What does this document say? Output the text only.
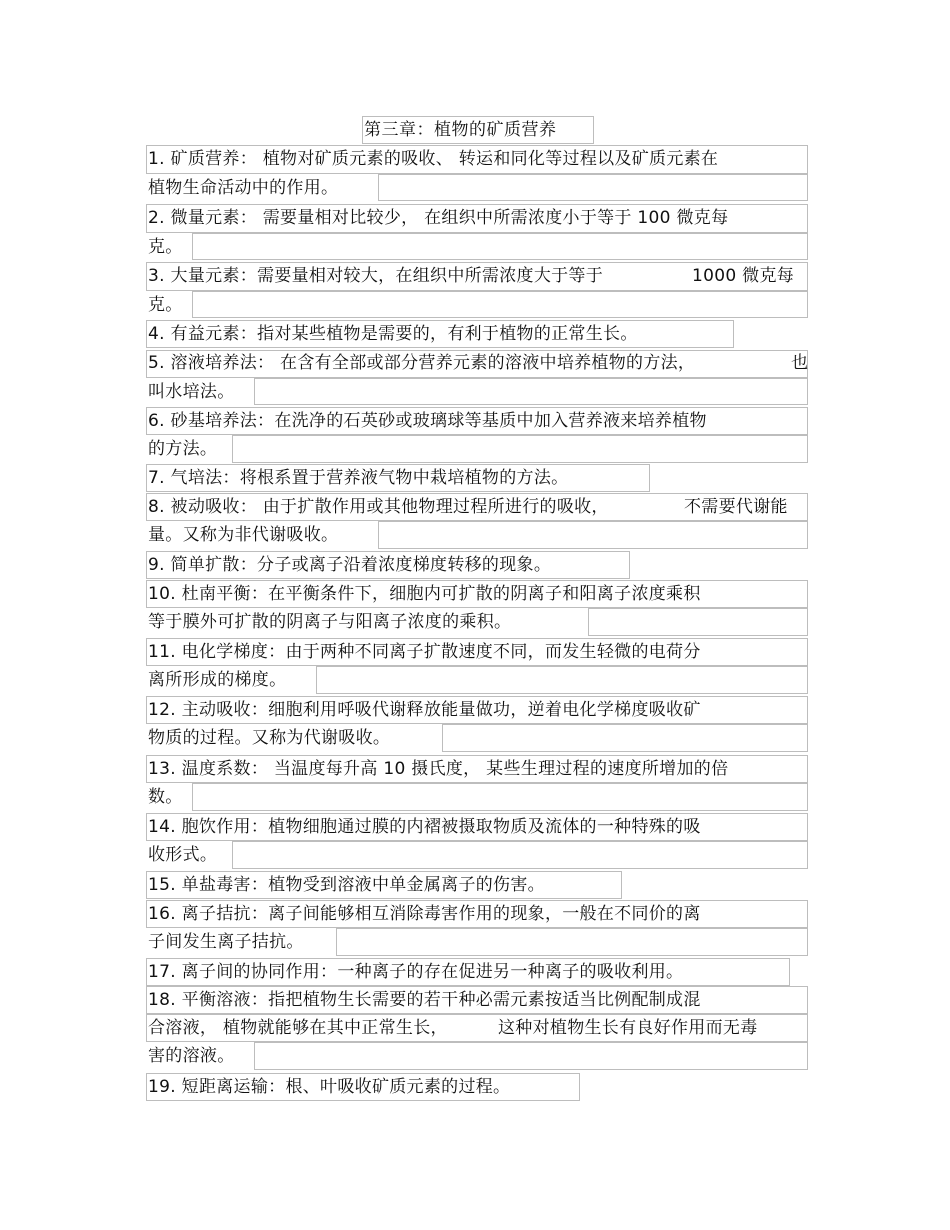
第三章：植物的矿质营养
1. 矿质营养： 植物对矿质元素的吸收、 转运和同化等过程以及矿质元素在
植物生命活动中的作用。
2. 微量元素： 需要量相对比较少， 在组织中所需浓度小于等于 100 微克每
克。
3. 大量元素：需要量相对较大，在组织中所需浓度大于等于	1000 微克每
克。
4. 有益元素：指对某些植物是需要的，有利于植物的正常生长。
5. 溶液培养法： 在含有全部或部分营养元素的溶液中培养植物的方法，	也
叫水培法。
6. 砂基培养法：在洗净的石英砂或玻璃球等基质中加入营养液来培养植物
的方法。
7. 气培法：将根系置于营养液气物中栽培植物的方法。
8. 被动吸收： 由于扩散作用或其他物理过程所进行的吸收，	不需要代谢能
量。又称为非代谢吸收。
9. 简单扩散：分子或离子沿着浓度梯度转移的现象。
10. 杜南平衡：在平衡条件下，细胞内可扩散的阴离子和阳离子浓度乘积
等于膜外可扩散的阴离子与阳离子浓度的乘积。
11. 电化学梯度：由于两种不同离子扩散速度不同，而发生轻微的电荷分
离所形成的梯度。
12. 主动吸收：细胞利用呼吸代谢释放能量做功，逆着电化学梯度吸收矿
物质的过程。又称为代谢吸收。
13. 温度系数： 当温度每升高 10 摄氏度， 某些生理过程的速度所增加的倍
数。
14. 胞饮作用：植物细胞通过膜的内褶被摄取物质及流体的一种特殊的吸
收形式。
15. 单盐毒害：植物受到溶液中单金属离子的伤害。
16. 离子拮抗：离子间能够相互消除毒害作用的现象，一般在不同价的离
子间发生离子拮抗。
17. 离子间的协同作用：一种离子的存在促进另一种离子的吸收利用。
18. 平衡溶液：指把植物生长需要的若干种必需元素按适当比例配制成混
合溶液， 植物就能够在其中正常生长，	这种对植物生长有良好作用而无毒
害的溶液。
19. 短距离运输：根、叶吸收矿质元素的过程。
